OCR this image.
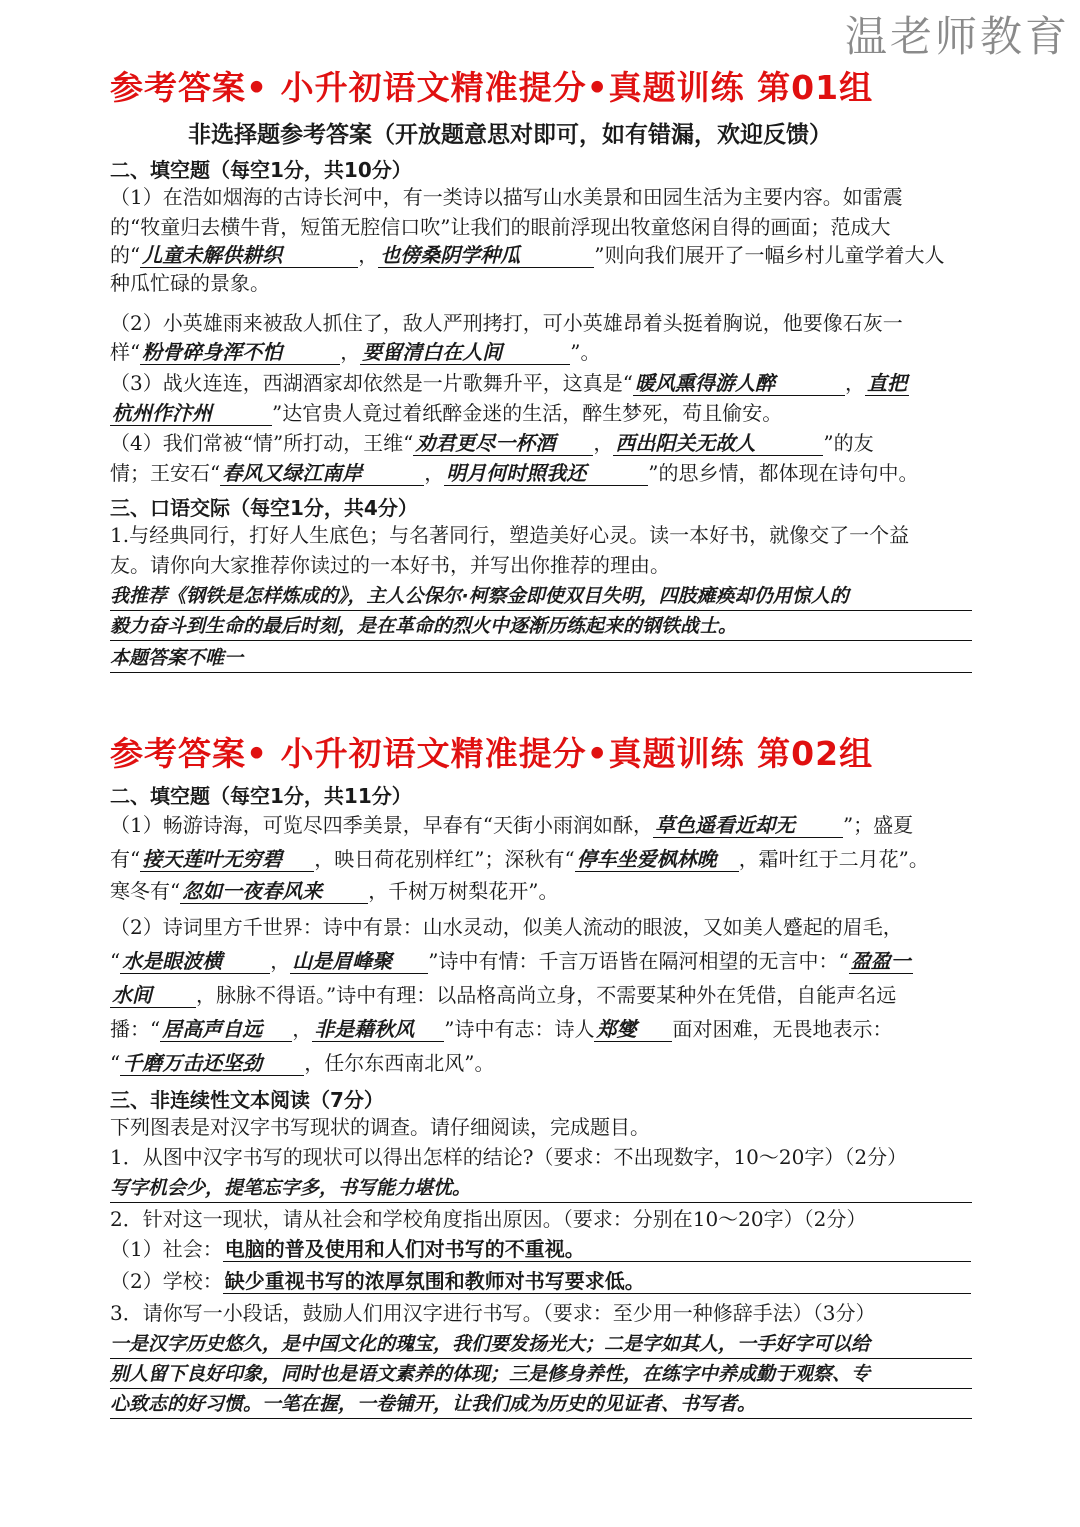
温老师教育
参考答案• 小升初语文精准提分•真题训练 第01组
非选择题参考答案（开放题意思对即可，如有错漏，欢迎反馈）
二、填空题（每空1分，共10分）
（1）在浩如烟海的古诗长河中，有一类诗以描写山水美景和田园生活为主要内容。如雷震
的“牧童归去横牛背，短笛无腔信口吹”让我们的眼前浮现出牧童悠闲自得的画面；范成大
的“ 儿童未解供耕织	， 也傍桑阴学种瓜	”则向我们展开了一幅乡村儿童学着大人
种瓜忙碌的景象。
（2）小英雄雨来被敌人抓住了，敌人严刑拷打，可小英雄昂着头挺着胸说，他要像石灰一
样“ 粉骨碎身浑不怕	， 要留清白在人间	”。
（3）战火连连，西湖酒家却依然是一片歌舞升平，这真是“ 暖风熏得游人醉	， 直把
杭州作汴州	”达官贵人竟过着纸醉金迷的生活，醉生梦死，苟且偷安。
（4）我们常被“情”所打动，王维“ 劝君更尽一杯酒 ， 西出阳关无故人	”的友
情；王安石“ 春风又绿江南岸	， 明月何时照我还	”的思乡情，都体现在诗句中。
三、口语交际（每空1分，共4分）
1.与经典同行，打好人生底色；与名著同行，塑造美好心灵。读一本好书，就像交了一个益
友。请你向大家推荐你读过的一本好书，并写出你推荐的理由。
我推荐《钢铁是怎样炼成的》，主人公保尔·柯察金即使双目失明，四肢瘫痪却仍用惊人的
毅力奋斗到生命的最后时刻，是在革命的烈火中逐渐历练起来的钢铁战士。
本题答案不唯一
参考答案• 小升初语文精准提分•真题训练 第02组
二、填空题（每空1分，共11分）
（1）畅游诗海，可览尽四季美景，早春有“天街小雨润如酥， 草色遥看近却无 ”；盛夏
有“ 接天莲叶无穷碧 ，映日荷花别样红”；深秋有“ 停车坐爱枫林晚 ，霜叶红于二月花”。
寒冬有“ 忽如一夜春风来 ，千树万树梨花开”。
（2）诗词里方千世界：诗中有景：山水灵动，似美人流动的眼波，又如美人蹙起的眉毛，
“ 水是眼波横 ， 山是眉峰聚 ”诗中有情：千言万语皆在隔河相望的无言中：“ 盈盈一
水间 ，脉脉不得语。”诗中有理：以品格高尚立身，不需要某种外在凭借，自能声名远
播：“ 居高声自远 ， 非是藉秋风 ”诗中有志：诗人 郑燮 面对困难，无畏地表示：
“ 千磨万击还坚劲 ，任尔东西南北风”。
三、非连续性文本阅读（7分）
下列图表是对汉字书写现状的调查。请仔细阅读，完成题目。
1．从图中汉字书写的现状可以得出怎样的结论?（要求：不出现数字，10～20字）（2分）
写字机会少，提笔忘字多，书写能力堪忧。
2．针对这一现状，请从社会和学校角度指出原因。（要求：分别在10～20字）（2分）
（1）社会： 电脑的普及使用和人们对书写的不重视。
（2）学校： 缺少重视书写的浓厚氛围和教师对书写要求低。
3．请你写一小段话，鼓励人们用汉字进行书写。（要求：至少用一种修辞手法）（3分）
一是汉字历史悠久，是中国文化的瑰宝，我们要发扬光大；二是字如其人，一手好字可以给
别人留下良好印象，同时也是语文素养的体现；三是修身养性，在练字中养成勤于观察、专
心致志的好习惯。一笔在握，一卷铺开，让我们成为历史的见证者、书写者。
